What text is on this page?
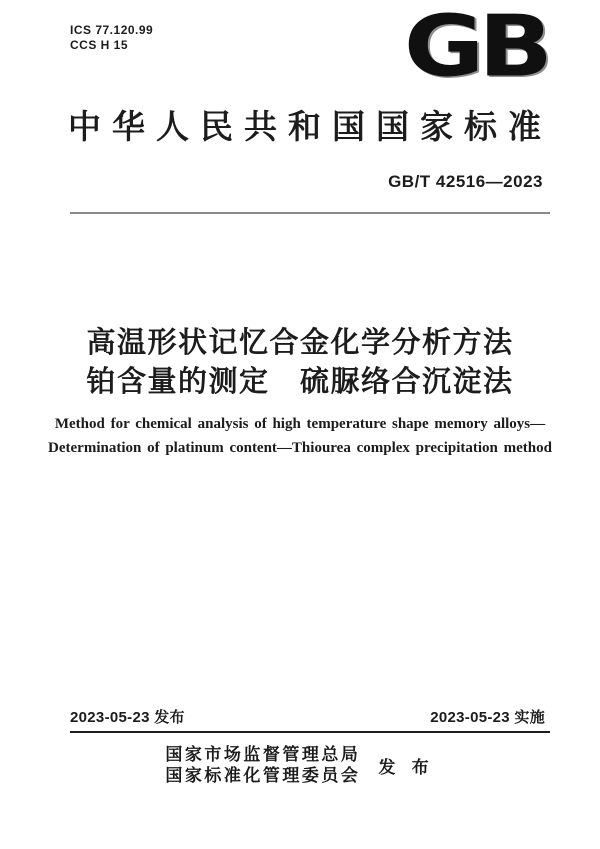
ICS 77.120.99
CCS H 15	GB
中华人民共和国国家标准
GB/T 42516—2023
高温形状记忆合金化学分析方法
铂含量的测定　硫脲络合沉淀法
Method for chemical analysis of high temperature shape memory alloys—
Determination of platinum content—Thiourea complex precipitation method
2023-05-23 发布	2023-05-23 实施
国家市场监督管理总局
国家标准化管理委员会 发 布
